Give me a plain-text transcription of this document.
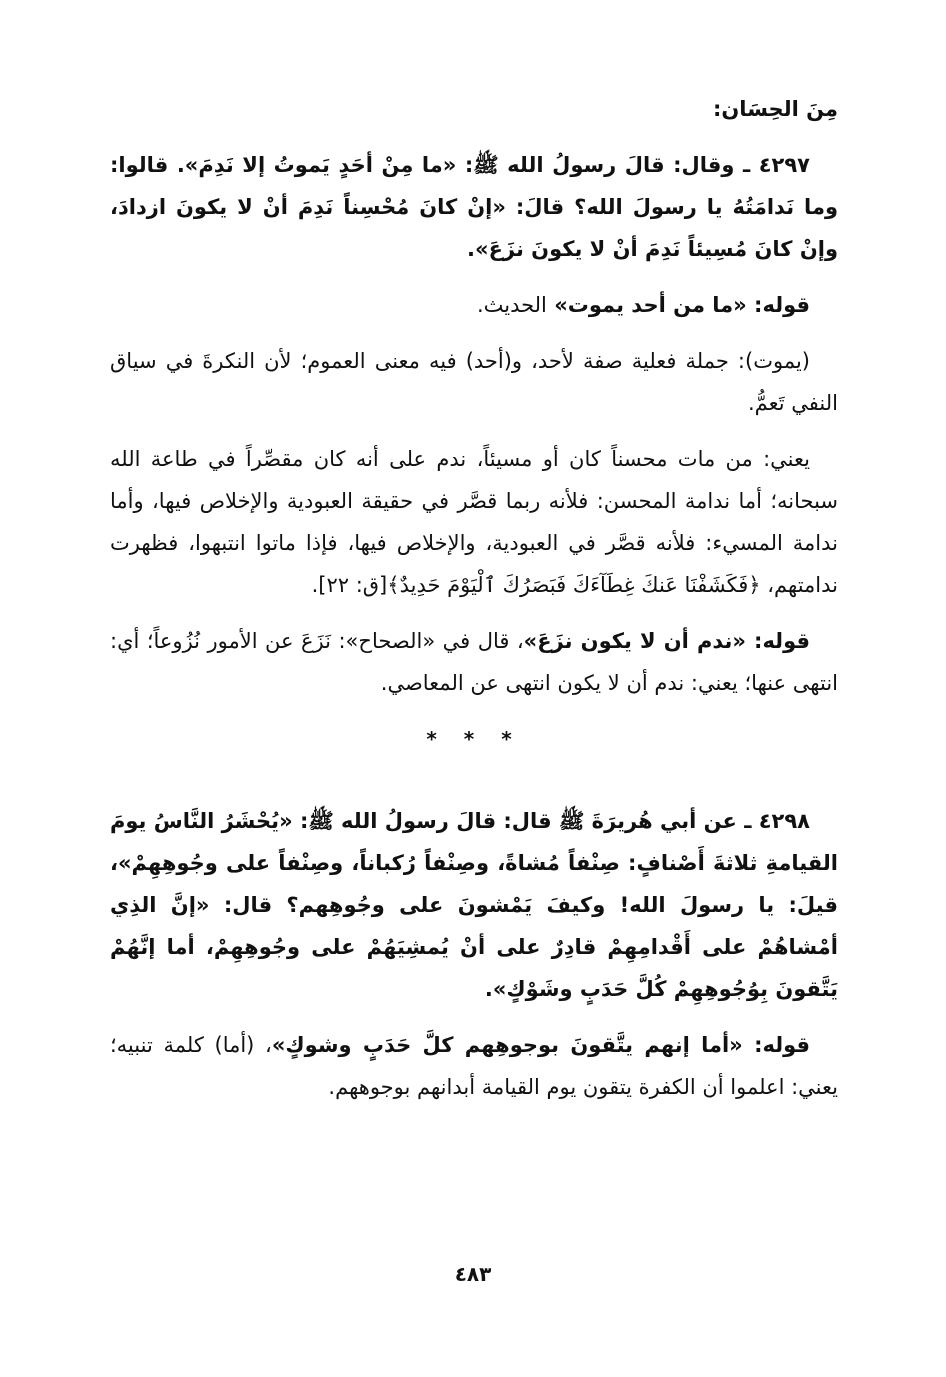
مِنَ الحِسَان:

٤٢٩٧ ـ وقال: قالَ رسولُ الله ﷺ: «ما مِنْ أحَدٍ يَموتُ إلا نَدِمَ». قالوا: وما نَدامَتُهُ يا رسولَ الله؟ قالَ: «إنْ كانَ مُحْسِناً نَدِمَ أنْ لا يكونَ ازدادَ، وإنْ كانَ مُسِيئاً نَدِمَ أنْ لا يكونَ نزَعَ».

قوله: «ما من أحد يموت» الحديث.

(يموت): جملة فعلية صفة لأحد، و(أحد) فيه معنى العموم؛ لأن النكرةَ في سياق النفي تَعمُّ.

يعني: من مات محسناً كان أو مسيئاً، ندم على أنه كان مقصِّراً في طاعة الله سبحانه؛ أما ندامة المحسن: فلأنه ربما قصَّر في حقيقة العبودية والإخلاص فيها، وأما ندامة المسيء: فلأنه قصَّر في العبودية، والإخلاص فيها، فإذا ماتوا انتبهوا، فظهرت ندامتهم، ﴿فَكَشَفْنَا عَنكَ غِطَآءَكَ فَبَصَرُكَ ٱلْيَوْمَ حَدِيدٌ﴾[ق: ٢٢].

قوله: «ندم أن لا يكون نزَعَ»، قال في «الصحاح»: نَزَعَ عن الأمور نُزُوعاً؛ أي: انتهى عنها؛ يعني: ندم أن لا يكون انتهى عن المعاصي.

* * *

٤٢٩٨ ـ عن أبي هُريرَةَ ﷺ قال: قالَ رسولُ الله ﷺ: «يُحْشَرُ النَّاسُ يومَ القيامةِ ثلاثةَ أَصْنافٍ: صِنْفاً مُشاةً، وصِنْفاً رُكباناً، وصِنْفاً على وجُوهِهِمْ»، قيلَ: يا رسولَ الله! وكيفَ يَمْشونَ على وجُوهِهم؟ قال: «إنَّ الذِي أمْشاهُمْ على أَقْدامِهِمْ قادِرٌ على أنْ يُمشِيَهُمْ على وجُوهِهِمْ، أما إنَّهُمْ يَتَّقونَ بِوُجُوهِهِمْ كُلَّ حَدَبٍ وشَوْكٍ».

قوله: «أما إنهم يتَّقونَ بوجوهِهم كلَّ حَدَبٍ وشوكٍ»، (أما) كلمة تنبيه؛ يعني: اعلموا أن الكفرة يتقون يوم القيامة أبدانهم بوجوههم.

٤٨٣
